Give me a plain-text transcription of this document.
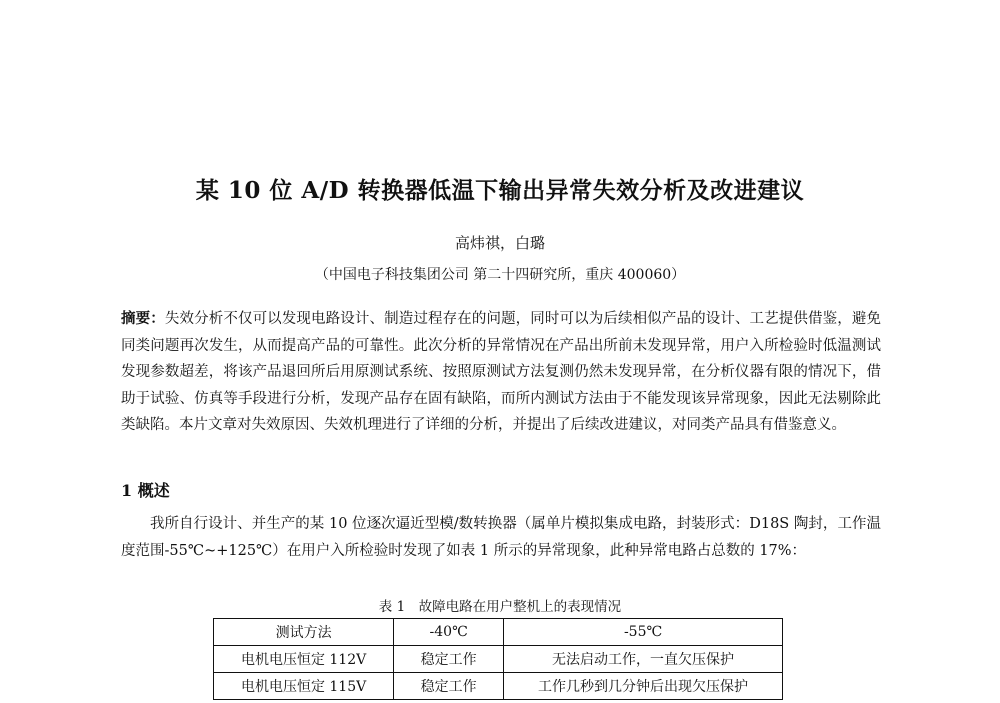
某 10 位 A/D 转换器低温下输出异常失效分析及改进建议
高炜祺，白璐
（中国电子科技集团公司 第二十四研究所，重庆 400060）

摘要：失效分析不仅可以发现电路设计、制造过程存在的问题，同时可以为后续相似产品的设计、工艺提供借鉴，避免同类问题再次发生，从而提高产品的可靠性。此次分析的异常情况在产品出所前未发现异常，用户入所检验时低温测试发现参数超差，将该产品退回所后用原测试系统、按照原测试方法复测仍然未发现异常，在分析仪器有限的情况下，借助于试验、仿真等手段进行分析，发现产品存在固有缺陷，而所内测试方法由于不能发现该异常现象，因此无法剔除此类缺陷。本片文章对失效原因、失效机理进行了详细的分析，并提出了后续改进建议，对同类产品具有借鉴意义。

1 概述

我所自行设计、并生产的某 10 位逐次逼近型模/数转换器（属单片模拟集成电路，封装形式：D18S 陶封，工作温度范围-55℃~+125℃）在用户入所检验时发现了如表 1 所示的异常现象，此种异常电路占总数的 17%：

表 1　故障电路在用户整机上的表现情况
测试方法	-40℃	-55℃
电机电压恒定 112V	稳定工作	无法启动工作，一直欠压保护
电机电压恒定 115V	稳定工作	工作几秒到几分钟后出现欠压保护
